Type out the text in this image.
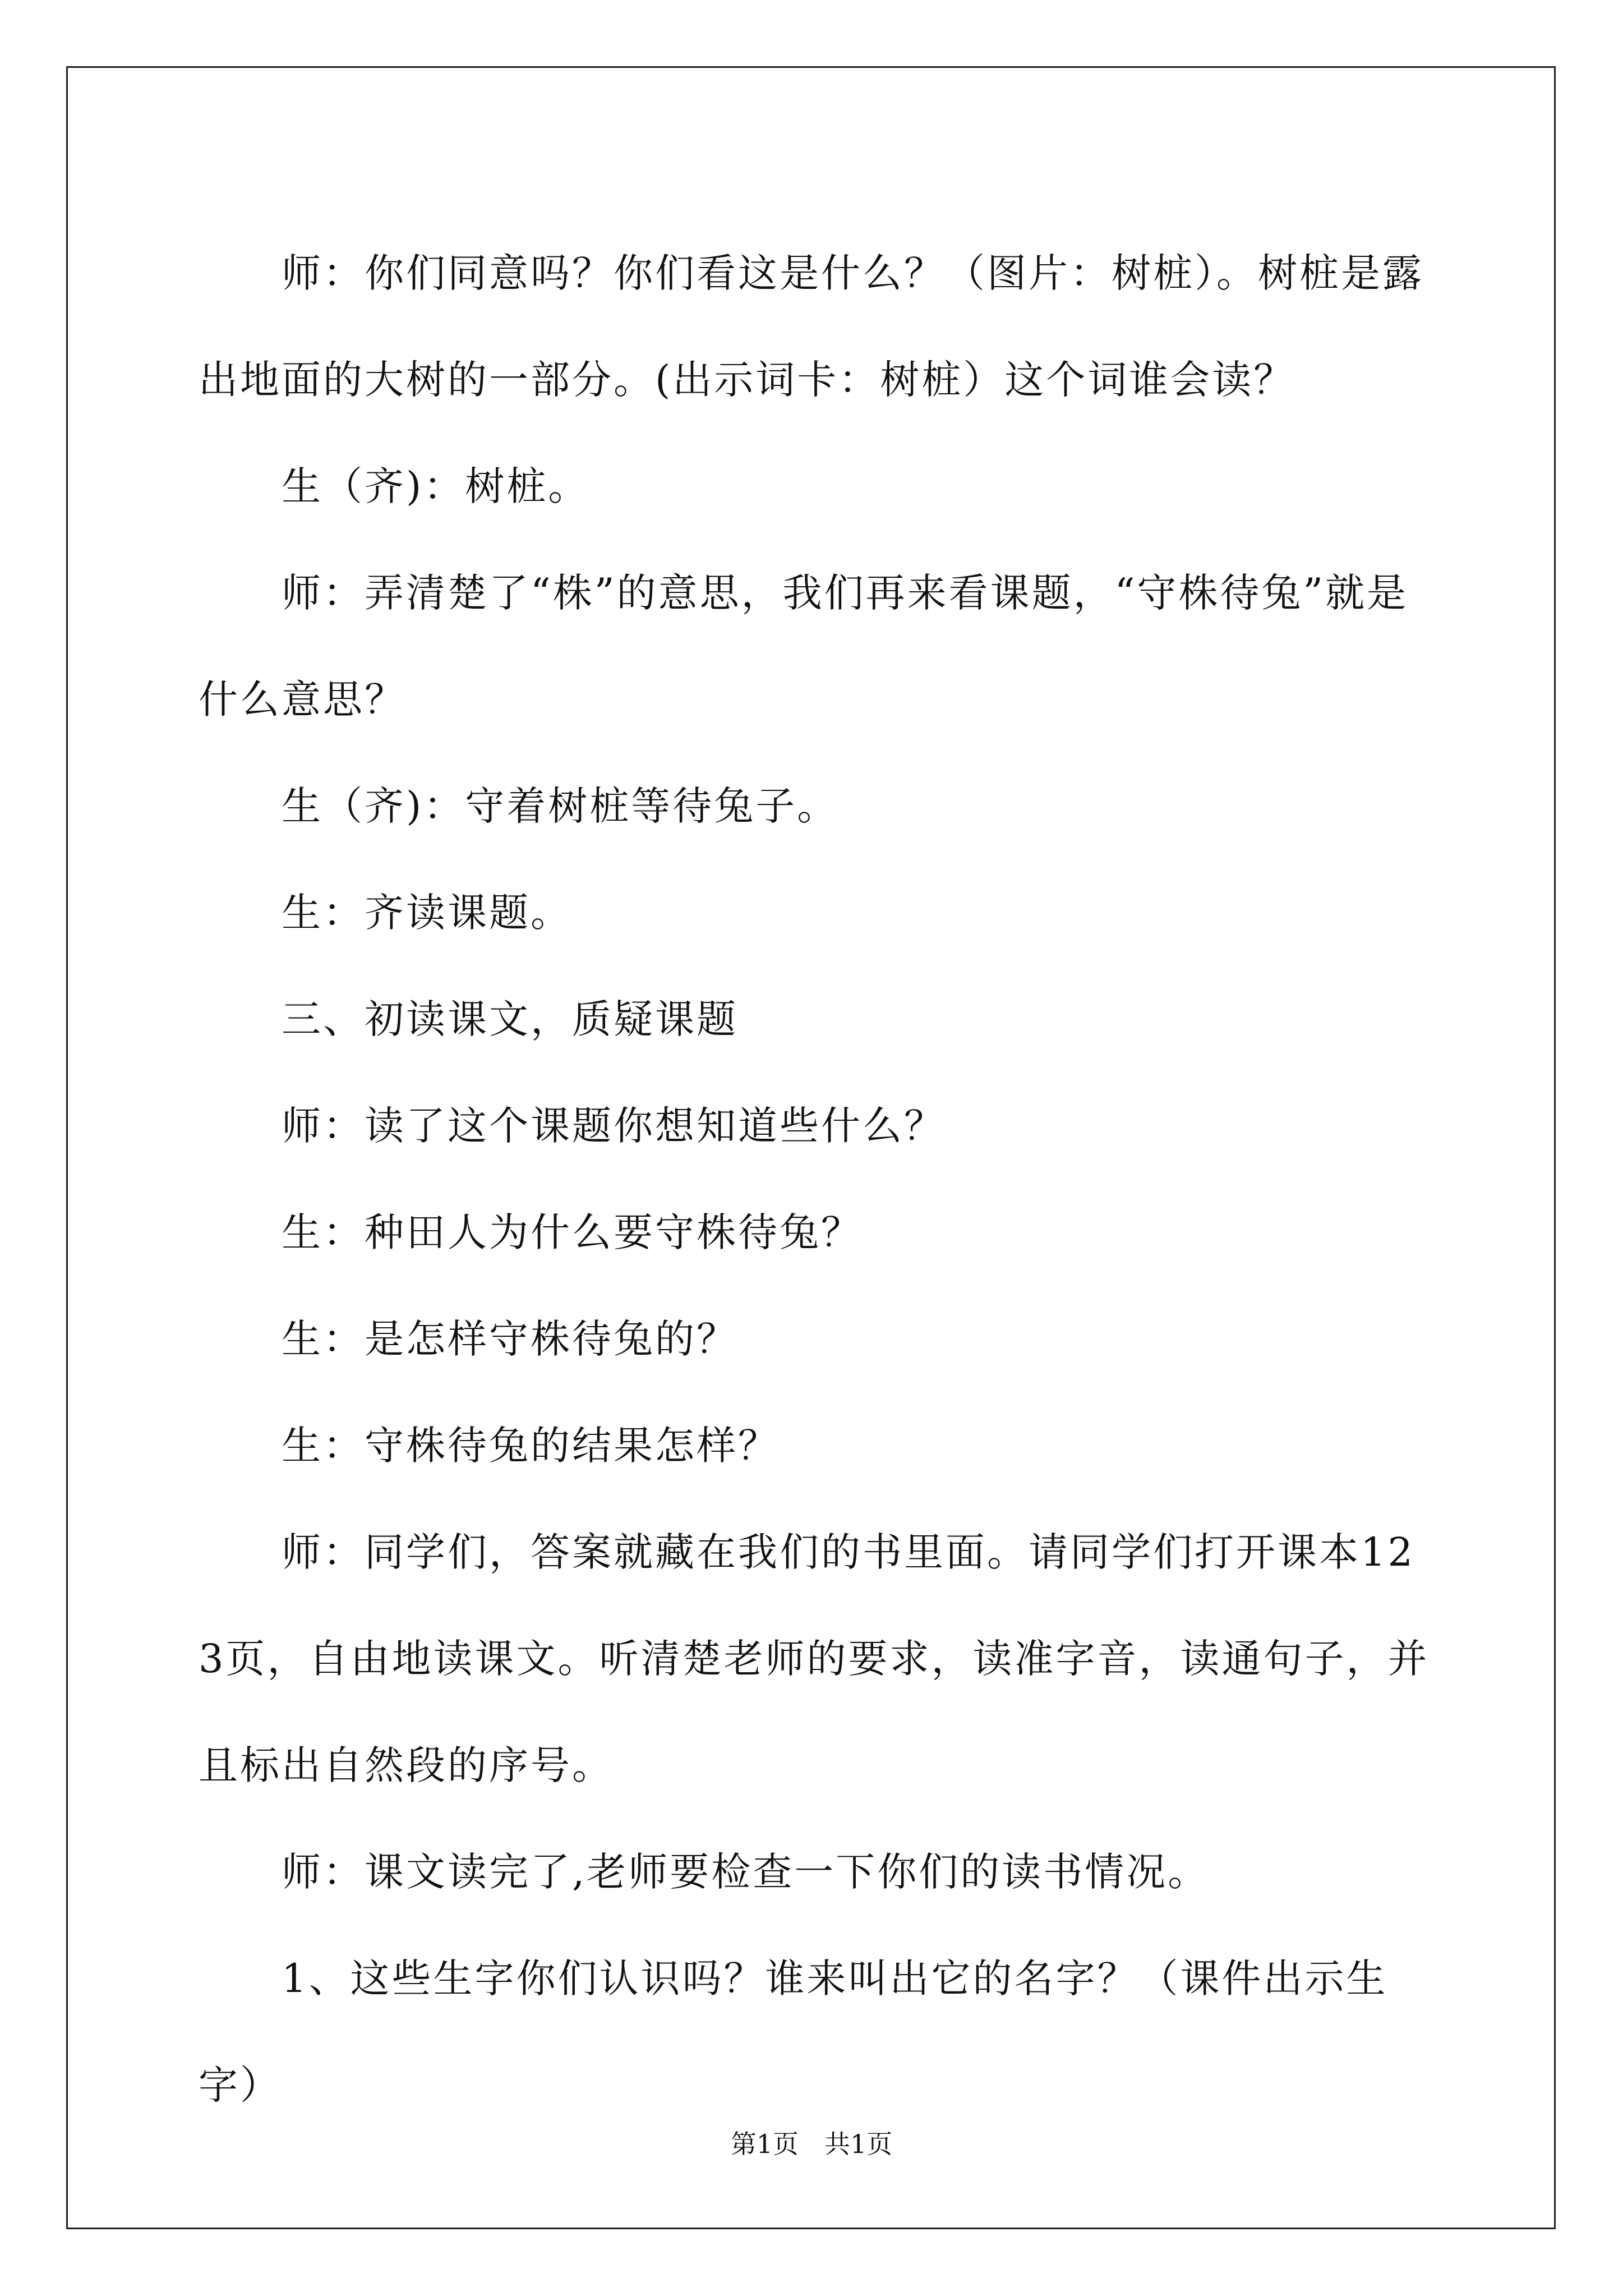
师：你们同意吗？你们看这是什么？（图片：树桩）。树桩是露出地面的大树的一部分。(出示词卡：树桩）这个词谁会读？

生（齐)：树桩。

师：弄清楚了“株”的意思，我们再来看课题，“守株待兔”就是什么意思？

生（齐)：守着树桩等待兔子。

生：齐读课题。

三、初读课文，质疑课题

师：读了这个课题你想知道些什么？

生：种田人为什么要守株待兔？

生：是怎样守株待兔的？

生：守株待兔的结果怎样？

师：同学们，答案就藏在我们的书里面。请同学们打开课本123页，自由地读课文。听清楚老师的要求，读准字音，读通句子，并且标出自然段的序号。

师：课文读完了,老师要检查一下你们的读书情况。

1、这些生字你们认识吗？谁来叫出它的名字？（课件出示生字）

第1页　共1页
